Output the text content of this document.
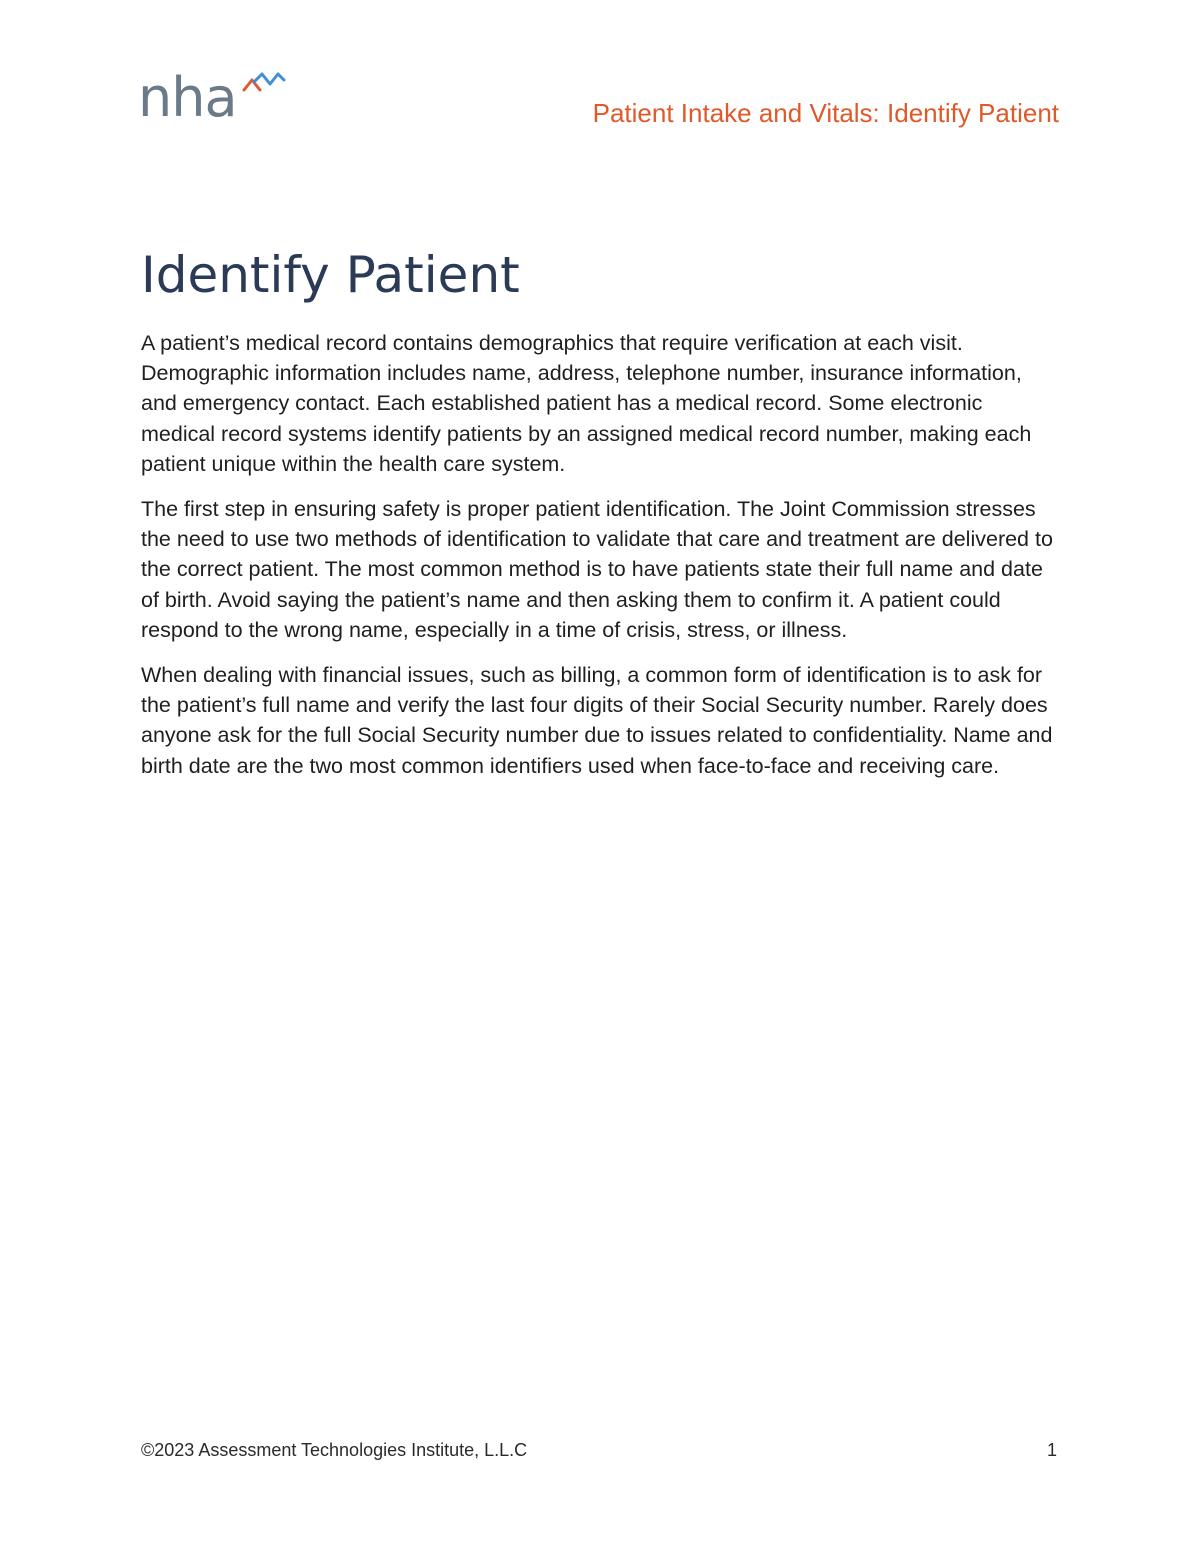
nha	Patient Intake and Vitals: Identify Patient
Identify Patient

A patient’s medical record contains demographics that require verification at each visit. Demographic information includes name, address, telephone number, insurance information, and emergency contact. Each established patient has a medical record. Some electronic medical record systems identify patients by an assigned medical record number, making each patient unique within the health care system.

The first step in ensuring safety is proper patient identification. The Joint Commission stresses the need to use two methods of identification to validate that care and treatment are delivered to the correct patient. The most common method is to have patients state their full name and date of birth. Avoid saying the patient’s name and then asking them to confirm it. A patient could respond to the wrong name, especially in a time of crisis, stress, or illness.

When dealing with financial issues, such as billing, a common form of identification is to ask for the patient’s full name and verify the last four digits of their Social Security number. Rarely does anyone ask for the full Social Security number due to issues related to confidentiality. Name and birth date are the two most common identifiers used when face-to-face and receiving care.

©2023 Assessment Technologies Institute, L.L.C	1
